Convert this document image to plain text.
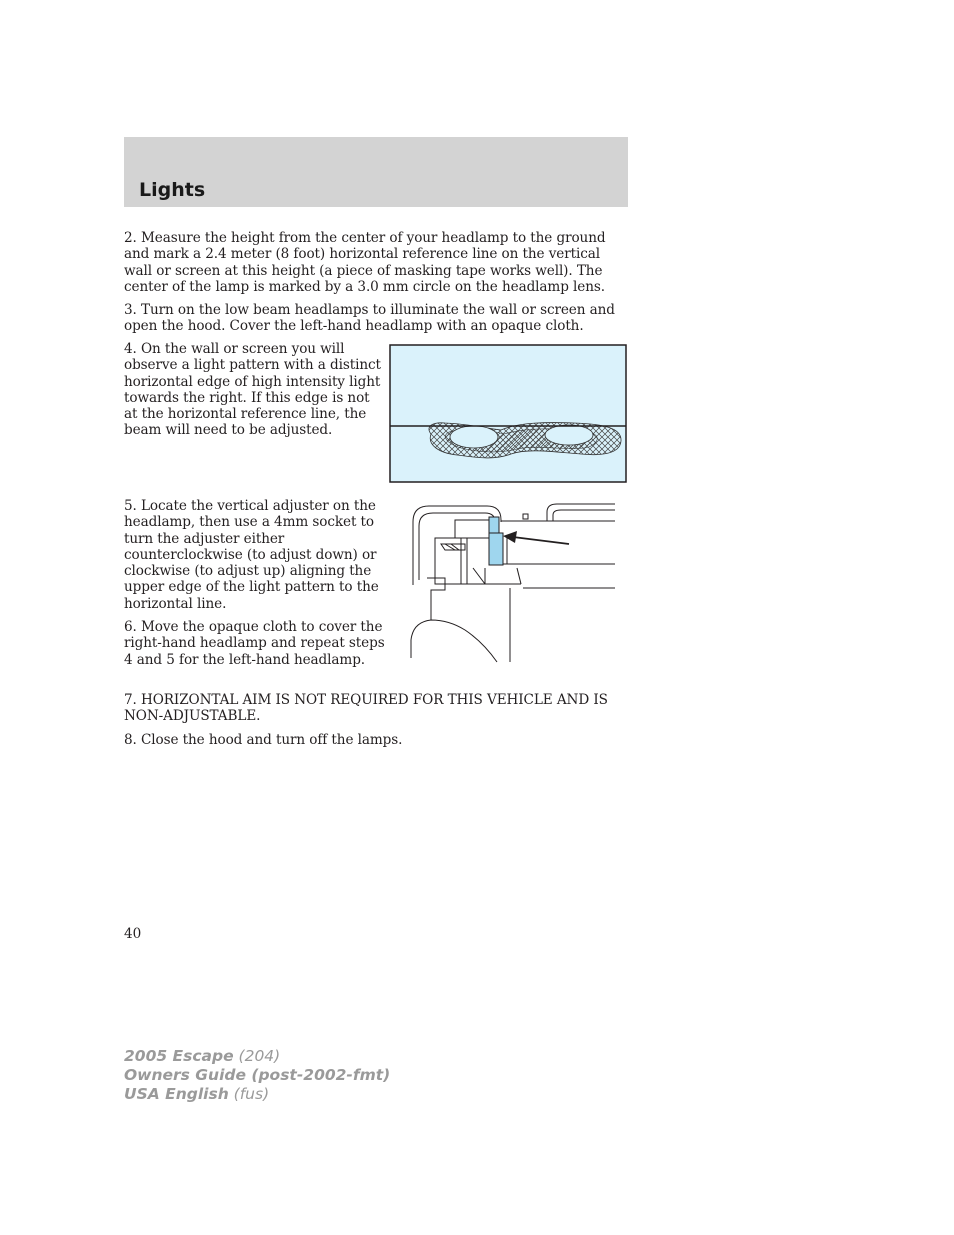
Lights

2. Measure the height from the center of your headlamp to the ground and mark a 2.4 meter (8 foot) horizontal reference line on the vertical wall or screen at this height (a piece of masking tape works well). The center of the lamp is marked by a 3.0 mm circle on the headlamp lens.

3. Turn on the low beam headlamps to illuminate the wall or screen and open the hood. Cover the left-hand headlamp with an opaque cloth.

4. On the wall or screen you will observe a light pattern with a distinct horizontal edge of high intensity light towards the right. If this edge is not at the horizontal reference line, the beam will need to be adjusted.

5. Locate the vertical adjuster on the headlamp, then use a 4mm socket to turn the adjuster either counterclockwise (to adjust down) or clockwise (to adjust up) aligning the upper edge of the light pattern to the horizontal line.

6. Move the opaque cloth to cover the right-hand headlamp and repeat steps 4 and 5 for the left-hand headlamp.

7. HORIZONTAL AIM IS NOT REQUIRED FOR THIS VEHICLE AND IS NON-ADJUSTABLE.

8. Close the hood and turn off the lamps.

40
2005 Escape (204)
Owners Guide (post-2002-fmt)
USA English (fus)
